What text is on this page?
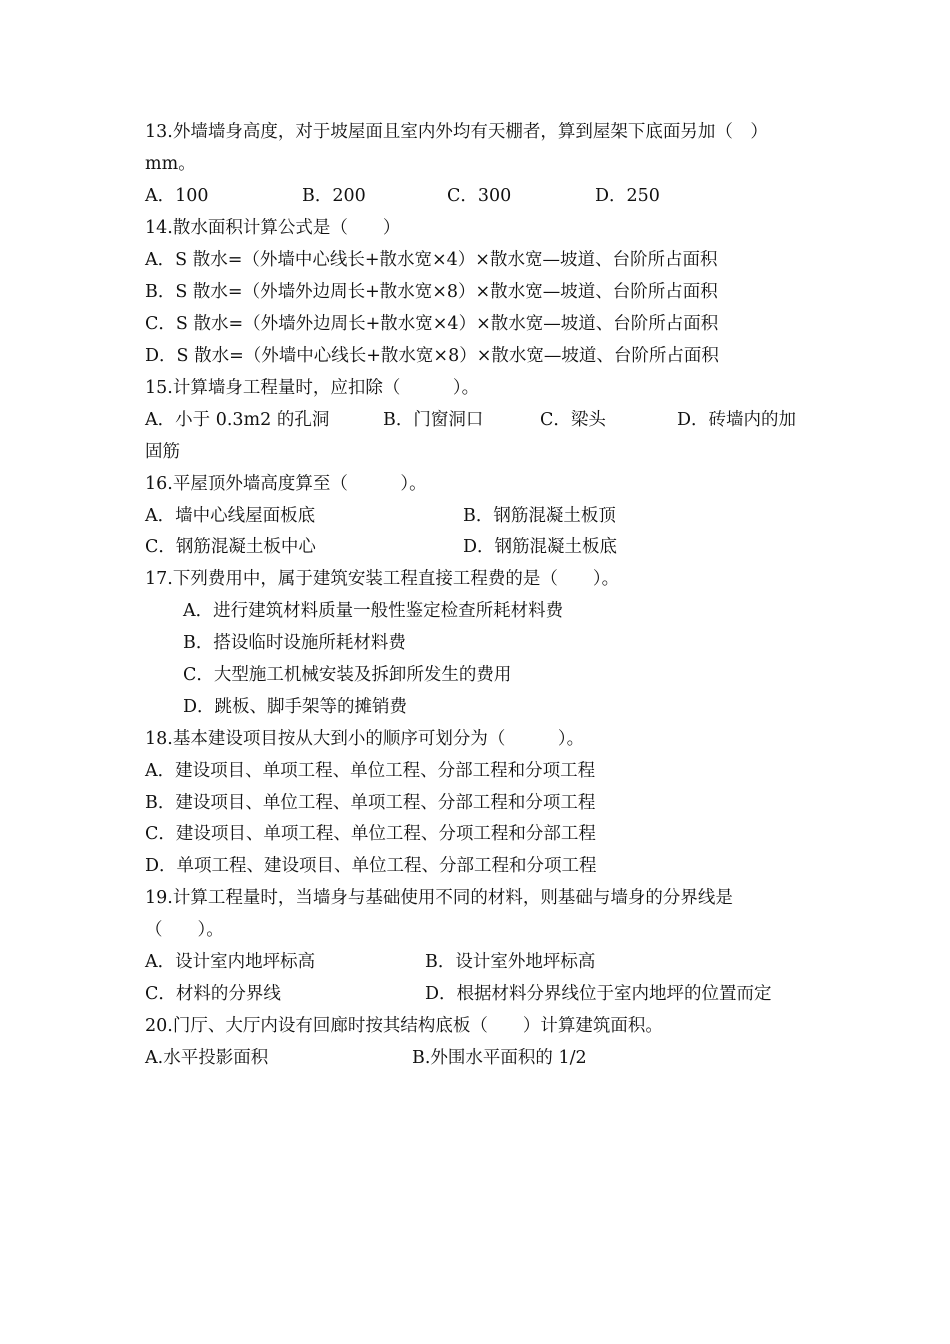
13.外墙墙身高度，对于坡屋面且室内外均有天棚者，算到屋架下底面另加（　）
mm。
A．100	B．200	C．300	D．250
14.散水面积计算公式是（　　）
A．S 散水=（外墙中心线长+散水宽×4）×散水宽—坡道、台阶所占面积
B．S 散水=（外墙外边周长+散水宽×8）×散水宽—坡道、台阶所占面积
C．S 散水=（外墙外边周长+散水宽×4）×散水宽—坡道、台阶所占面积
D．S 散水=（外墙中心线长+散水宽×8）×散水宽—坡道、台阶所占面积
15.计算墙身工程量时，应扣除（　　　）。
A．小于 0.3m2 的孔洞	B．门窗洞口	C．梁头	D．砖墙内的加
固筋
16.平屋顶外墙高度算至（　　　）。
A．墙中心线屋面板底	B．钢筋混凝土板顶
C．钢筋混凝土板中心	D．钢筋混凝土板底
17.下列费用中，属于建筑安装工程直接工程费的是（　　）。
A．进行建筑材料质量一般性鉴定检查所耗材料费
B．搭设临时设施所耗材料费
C．大型施工机械安装及拆卸所发生的费用
D．跳板、脚手架等的摊销费
18.基本建设项目按从大到小的顺序可划分为（　　　）。
A．建设项目、单项工程、单位工程、分部工程和分项工程
B．建设项目、单位工程、单项工程、分部工程和分项工程
C．建设项目、单项工程、单位工程、分项工程和分部工程
D．单项工程、建设项目、单位工程、分部工程和分项工程
19.计算工程量时，当墙身与基础使用不同的材料，则基础与墙身的分界线是
（　　）。
A．设计室内地坪标高	B．设计室外地坪标高
C．材料的分界线	D．根据材料分界线位于室内地坪的位置而定
20.门厅、大厅内设有回廊时按其结构底板（　　）计算建筑面积。
A.水平投影面积	B.外围水平面积的 1/2
